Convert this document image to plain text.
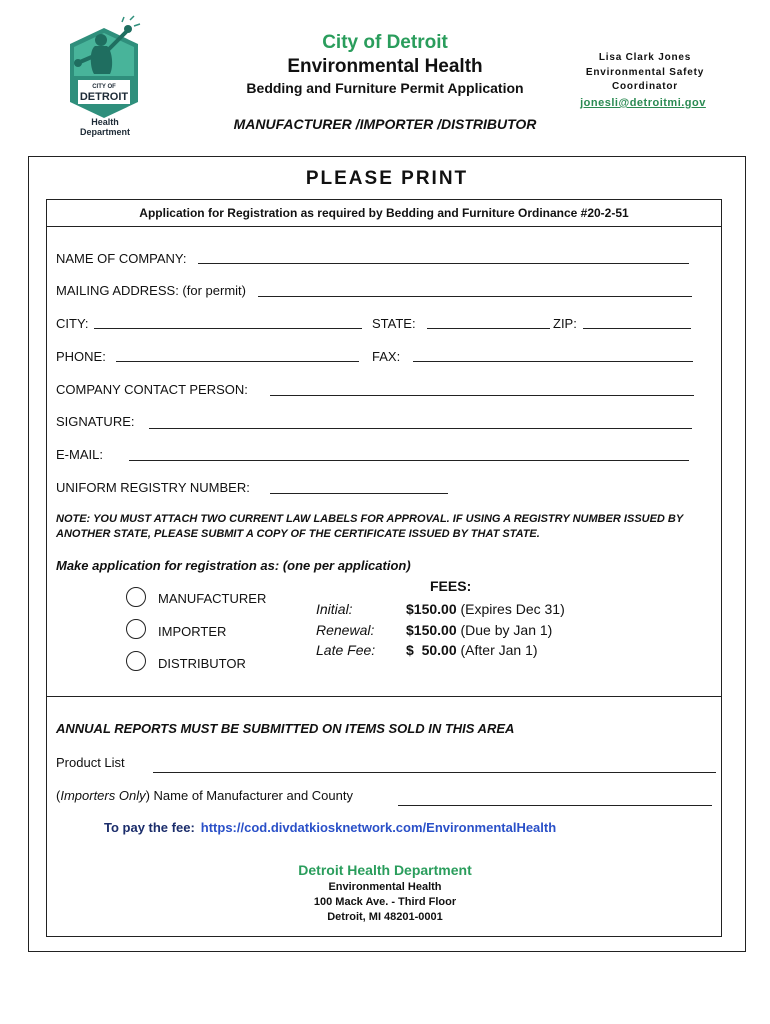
CITY OF
DETROIT
Health
Department
City of Detroit
Environmental Health
Bedding and Furniture Permit Application
MANUFACTURER /IMPORTER /DISTRIBUTOR
Lisa Clark Jones
Environmental Safety
Coordinator
jonesli@detroitmi.gov
PLEASE PRINT
Application for Registration as required by Bedding and Furniture Ordinance #20-2-51
NAME OF COMPANY:
MAILING ADDRESS: (for permit)
CITY:	STATE:	ZIP:
PHONE:	FAX:
COMPANY CONTACT PERSON:
SIGNATURE:
E-MAIL:
UNIFORM REGISTRY NUMBER:
NOTE: YOU MUST ATTACH TWO CURRENT LAW LABELS FOR APPROVAL. IF USING A REGISTRY NUMBER ISSUED BY ANOTHER STATE, PLEASE SUBMIT A COPY OF THE CERTIFICATE ISSUED BY THAT STATE.
Make application for registration as: (one per application)
MANUFACTURER
IMPORTER
DISTRIBUTOR
FEES:
Initial:	$150.00 (Expires Dec 31)
Renewal: $150.00 (Due by Jan 1)
Late Fee: $  50.00 (After Jan 1)
ANNUAL REPORTS MUST BE SUBMITTED ON ITEMS SOLD IN THIS AREA
Product List
(Importers Only) Name of Manufacturer and County
To pay the fee: https://cod.divdatkiosknetwork.com/EnvironmentalHealth
Detroit Health Department
Environmental Health
100 Mack Ave. - Third Floor
Detroit, MI 48201-0001
